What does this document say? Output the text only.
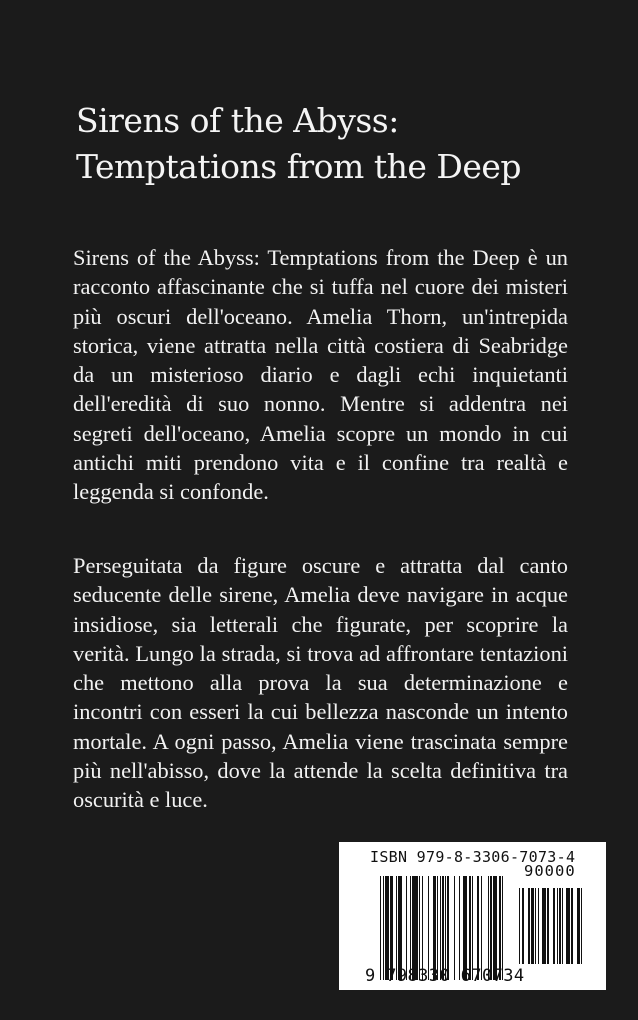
Sirens of the Abyss:
Temptations from the Deep

Sirens of the Abyss: Temptations from the Deep è un racconto affascinante che si tuffa nel cuore dei misteri più oscuri dell'oceano. Amelia Thorn, un'intrepida storica, viene attratta nella città costiera di Seabridge da un misterioso diario e dagli echi inquietanti dell'eredità di suo nonno. Mentre si addentra nei segreti dell'oceano, Amelia scopre un mondo in cui antichi miti prendono vita e il confine tra realtà e leggenda si confonde.

Perseguitata da figure oscure e attratta dal canto seducente delle sirene, Amelia deve navigare in acque insidiose, sia letterali che figurate, per scoprire la verità. Lungo la strada, si trova ad affrontare tentazioni che mettono alla prova la sua determinazione e incontri con esseri la cui bellezza nasconde un intento mortale. A ogni passo, Amelia viene trascinata sempre più nell'abisso, dove la attende la scelta definitiva tra oscurità e luce.

ISBN 979-8-3306-7073-4
90000
9 798330 670734
